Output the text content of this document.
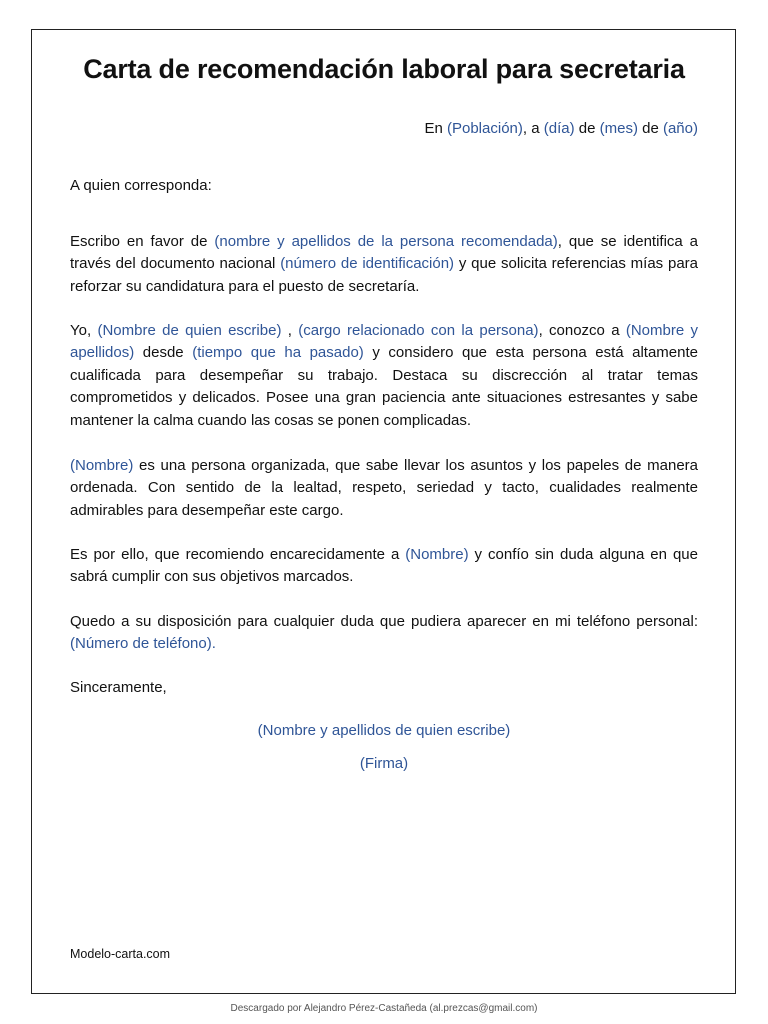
Carta de recomendación laboral para secretaria

En (Población), a (día) de (mes) de (año)

A quien corresponda:

Escribo en favor de (nombre y apellidos de la persona recomendada), que se identifica a través del documento nacional (número de identificación) y que solicita referencias mías para reforzar su candidatura para el puesto de secretaría.

Yo, (Nombre de quien escribe) , (cargo relacionado con la persona), conozco a (Nombre y apellidos) desde (tiempo que ha pasado) y considero que esta persona está altamente cualificada para desempeñar su trabajo. Destaca su discrección al tratar temas comprometidos y delicados. Posee una gran paciencia ante situaciones estresantes y sabe mantener la calma cuando las cosas se ponen complicadas.

(Nombre) es una persona organizada, que sabe llevar los asuntos y los papeles de manera ordenada. Con sentido de la lealtad, respeto, seriedad y tacto, cualidades realmente admirables para desempeñar este cargo.

Es por ello, que recomiendo encarecidamente a (Nombre) y confío sin duda alguna en que sabrá cumplir con sus objetivos marcados.

Quedo a su disposición para cualquier duda que pudiera aparecer en mi teléfono personal:(Número de teléfono).

Sinceramente,

(Nombre y apellidos de quien escribe)

(Firma)

Modelo-carta.com

Descargado por Alejandro Pérez-Castañeda (al.prezcas@gmail.com)
